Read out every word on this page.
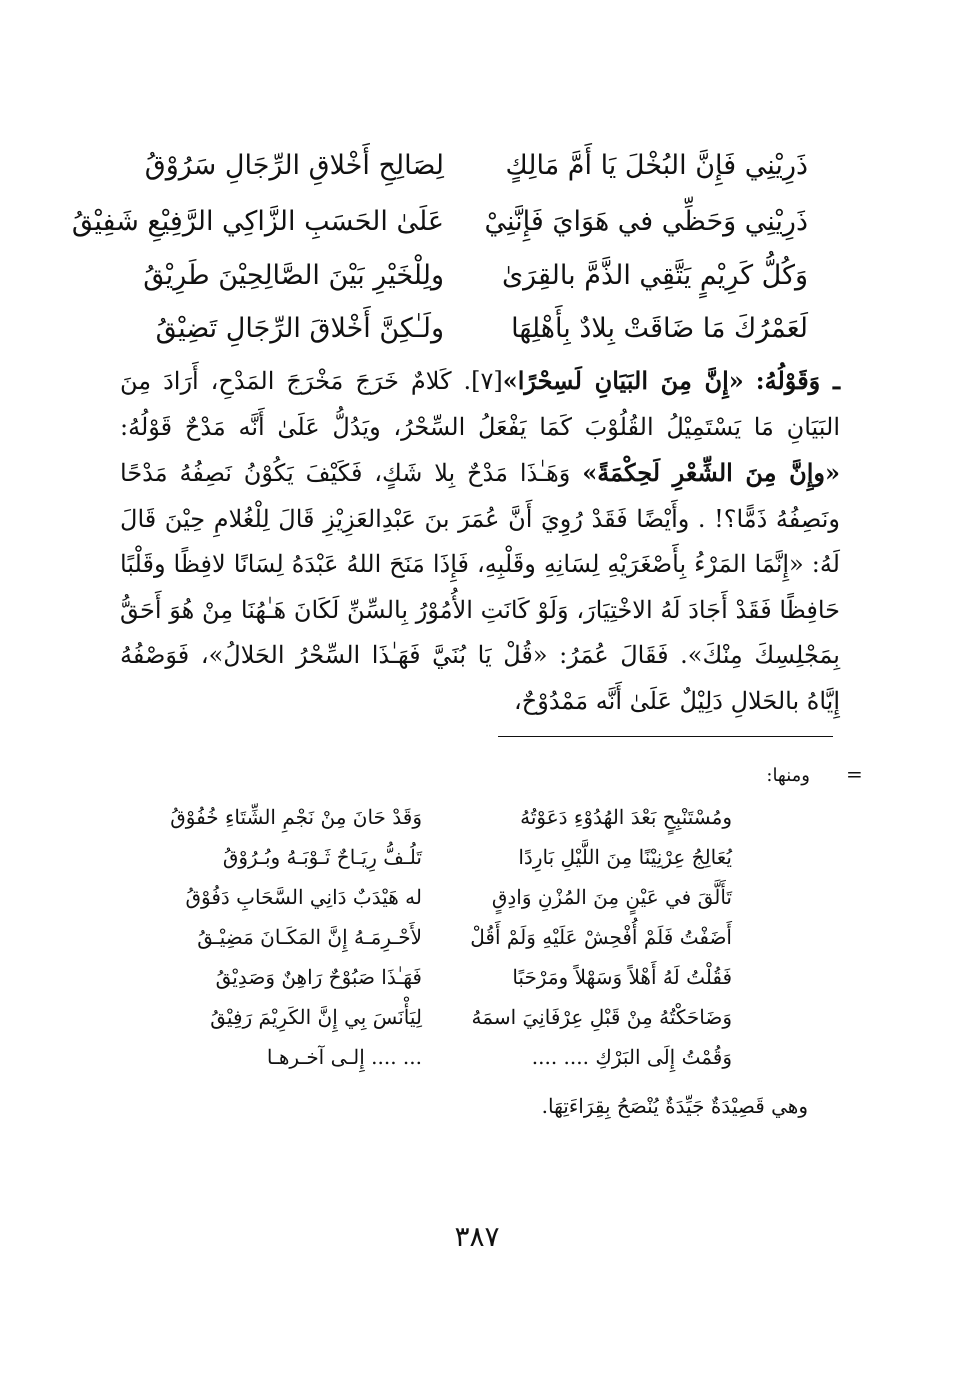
ذَرِيْنِي فَإِنَّ البُخْلَ يَا أَمَّ مَالِكٍ
لِصَالِحِ أَخْلاقِ الرِّجَالِ سَرُوْقُ
ذَرِيْنِي وَحَظِّي في هَوَايَ فَإِنَّنِيْ
عَلَىٰ الحَسَبِ الزَّاكِي الرَّفِيْعِ شَفِيْقُ
وَكُلُّ كَرِيْمٍ يَتَّقِي الذَّمَّ بالقِرَىٰ
ولِلْخَيْرِ بَيْنَ الصَّالِحِيْنَ طَرِيْقُ
لَعَمْرُكَ مَا ضَاقَتْ بِلادٌ بِأَهْلِهَا
ولَـٰكِنَّ أَخْلاقَ الرِّجَالِ تَضِيْقُ
ـ وَقَوْلُهُ: «إِنَّ مِنَ البَيَانِ لَسِحْرًا»[٧]. كَلامٌ خَرَجَ مَخْرَجَ المَدْحِ، أَرَادَ مِنَ البَيَانِ مَا يَسْتَمِيْلُ القُلُوْبَ كَمَا يَفْعَلُ السِّحْرُ، ويَدُلُّ عَلَىٰ أَنَّه مَدْحٌ قَوْلُهُ: «وإِنَّ مِنَ الشِّعْرِ لَحِكْمَةً» وَهَـٰذَا مَدْحٌ بِلا شَكٍ، فَكَيْفَ يَكُوْنُ نَصِفُهُ مَدْحًا ونَصِفُهُ ذَمًّا؟! . وأَيْضًا فَقَدْ رُوِيَ أَنَّ عُمَرَ بنَ عَبْدِالعَزِيْزِ قَالَ لِلْغُلامِ حِيْنَ قَالَ لَهُ: «إِنَّمَا المَرْءُ بِأَصْغَرَيْهِ لِسَانِهِ وقَلْبِهِ، فَإِذَا مَنَحَ اللهُ عَبْدَهُ لِسَانًا لافِظًا وقَلْبًا حَافِظًا فَقَدْ أَجَادَ لَهُ الاخْتِيَارَ، وَلَوْ كَانَتِ الأُمُوْرُ بِالسِّنِّ لَكَانَ هَـٰهُنَا مِنْ هُوَ أَحَقُّ بِمَجْلِسِكَ مِنْكَ». فَقَالَ عُمَرُ: «قُلْ يَا بُنَيَّ فَهَـٰذَا السِّحْرُ الحَلالُ»، فَوَصْفُهُ إِيَّاهُ بالحَلالِ دَلِيْلٌ عَلَىٰ أَنَّه مَمْدُوْحٌ،
=
ومنها:
ومُسْتَنْبِحٍ بَعْدَ الهُدُوْءِ دَعَوْتُهُ
وَقَدْ حَانَ مِنْ نَجْمِ الشِّتَاءِ خُفُوْقُ
يُعَالِجُ عِرْنِيْنًا مِنَ اللَّيْلِ بَارِدًا
تَلُـفُّ رِيَـاحٌ ثَـوْبَـهُ وبُـرُوْقُ
تَأَلَّقَ في عَيْنٍ مِنَ المُزْنِ وَادِقٍ
له هَيْدَبٌ دَانِي السَّحَابِ دَفُوْقُ
أَضَفْتُ فَلَمْ أُفْحِشْ عَلَيْهِ وَلَمْ أَقُلْ
لأَحْـرِمَـهُ إِنَّ المَكَـانَ مَضِيْـقُ
فَقُلْتُ لَهُ أَهْلاً وَسَهْلاً ومَرْحَبًا
فَهَـٰذَا صَبُوْحٌ رَاهِنٌ وَصَدِيْقُ
وَضَاحَكْتُهُ مِنْ قَبْلِ عِرْفَانِيَ اسمَهُ
لِيَأْنَسَ بِي إِنَّ الكَرِيْمَ رَفِيْقُ
وَقُمْتُ إِلَى البَرْكِ .... ....
... .... إِلـى آخـرهـا
وهي قَصِيْدَةٌ جَيِّدَةٌ يُنْصَحُ بِقِرَاءَتِهَا.
٣٨٧
